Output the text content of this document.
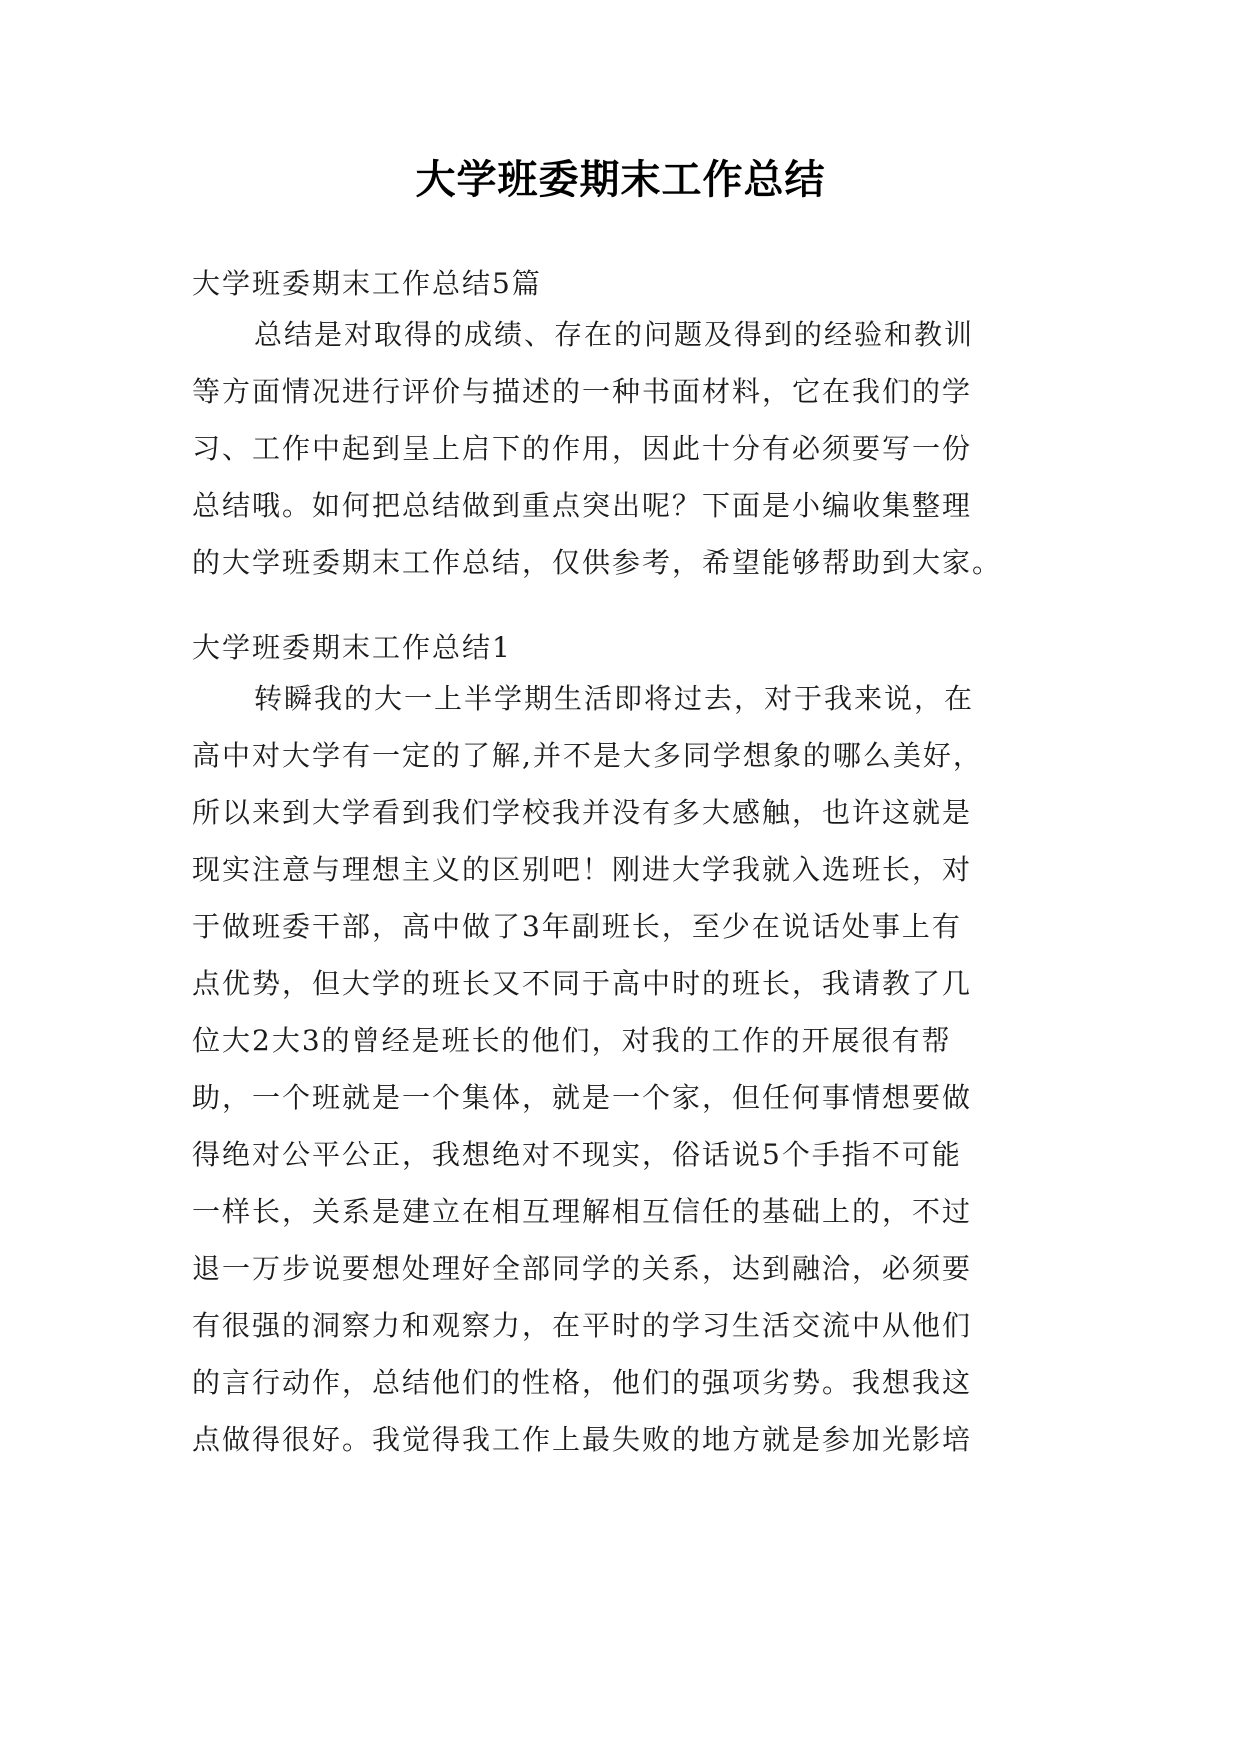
大学班委期末工作总结

大学班委期末工作总结5篇

总结是对取得的成绩、存在的问题及得到的经验和教训
等方面情况进行评价与描述的一种书面材料，它在我们的学
习、工作中起到呈上启下的作用，因此十分有必须要写一份
总结哦。如何把总结做到重点突出呢？下面是小编收集整理
的大学班委期末工作总结，仅供参考，希望能够帮助到大家。

大学班委期末工作总结1

转瞬我的大一上半学期生活即将过去，对于我来说，在
高中对大学有一定的了解,并不是大多同学想象的哪么美好，
所以来到大学看到我们学校我并没有多大感触，也许这就是
现实注意与理想主义的区别吧！刚进大学我就入选班长，对
于做班委干部，高中做了3年副班长，至少在说话处事上有
点优势，但大学的班长又不同于高中时的班长，我请教了几
位大2大3的曾经是班长的他们，对我的工作的开展很有帮
助，一个班就是一个集体，就是一个家，但任何事情想要做
得绝对公平公正，我想绝对不现实，俗话说5个手指不可能
一样长，关系是建立在相互理解相互信任的基础上的，不过
退一万步说要想处理好全部同学的关系，达到融洽，必须要
有很强的洞察力和观察力，在平时的学习生活交流中从他们
的言行动作，总结他们的性格，他们的强项劣势。我想我这
点做得很好。我觉得我工作上最失败的地方就是参加光影培
